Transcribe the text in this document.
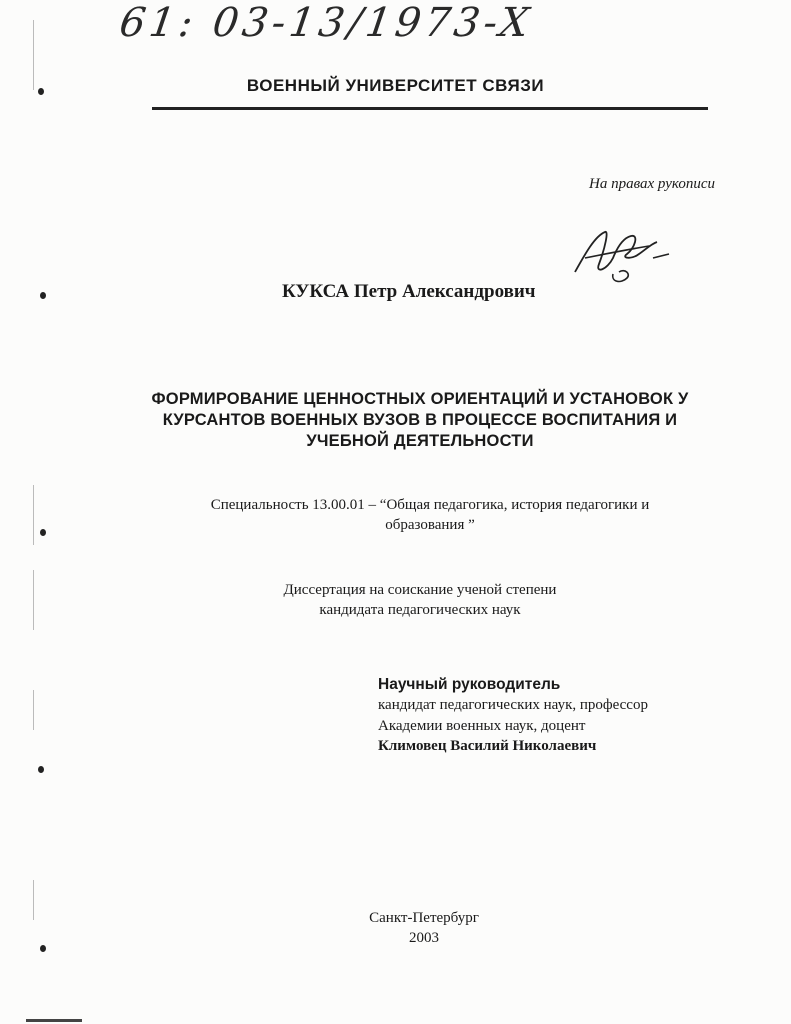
61: 03-13/1973-X
ВОЕННЫЙ УНИВЕРСИТЕТ СВЯЗИ
На правах рукописи
КУКСА Петр Александрович
ФОРМИРОВАНИЕ ЦЕННОСТНЫХ ОРИЕНТАЦИЙ И УСТАНОВОК У
КУРСАНТОВ ВОЕННЫХ ВУЗОВ В ПРОЦЕССЕ ВОСПИТАНИЯ И
УЧЕБНОЙ ДЕЯТЕЛЬНОСТИ
Специальность 13.00.01 – “Общая педагогика, история педагогики и
образования ”
Диссертация на соискание ученой степени
кандидата педагогических наук
Научный руководитель
кандидат педагогических наук, профессор
Академии военных наук, доцент
Климовец Василий Николаевич
Санкт-Петербург
2003
